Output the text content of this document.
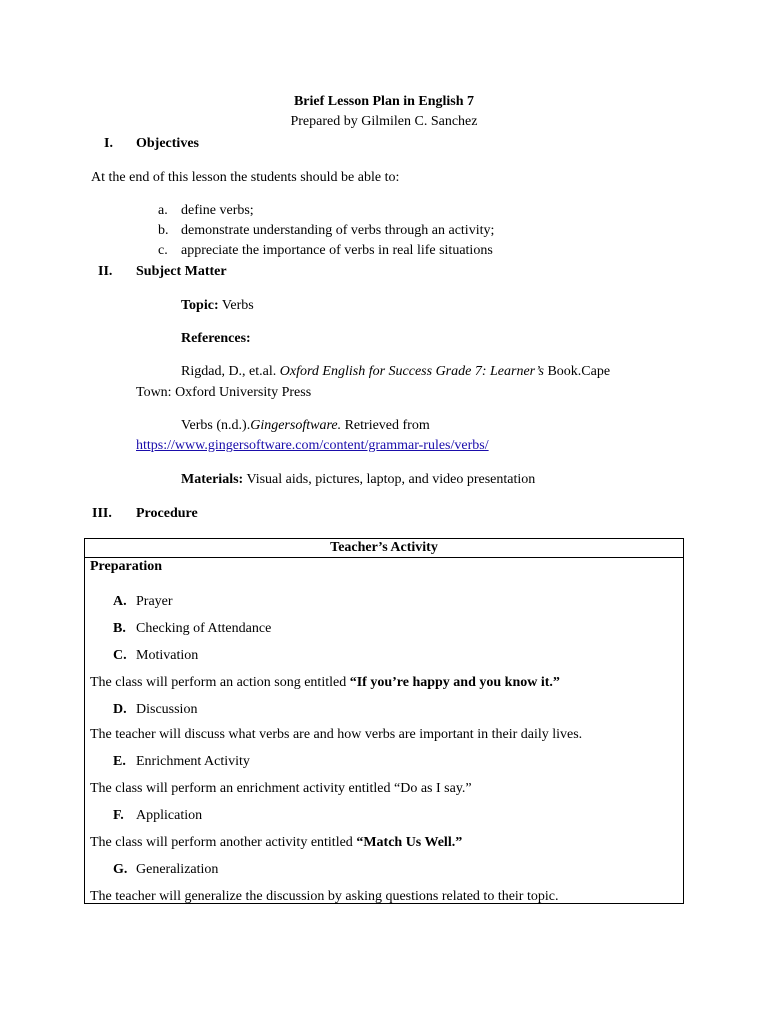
Brief Lesson Plan in English 7
Prepared by Gilmilen C. Sanchez
I. Objectives
At the end of this lesson the students should be able to:
a. define verbs;
b. demonstrate understanding of verbs through an activity;
c. appreciate the importance of verbs in real life situations
II. Subject Matter
Topic: Verbs
References:
Rigdad, D., et.al. Oxford English for Success Grade 7: Learner’s Book.Cape
Town: Oxford University Press
Verbs (n.d.).Gingersoftware. Retrieved from
https://www.gingersoftware.com/content/grammar-rules/verbs/
Materials: Visual aids, pictures, laptop, and video presentation
III. Procedure
Teacher’s Activity
Preparation
A. Prayer
B. Checking of Attendance
C. Motivation
The class will perform an action song entitled “If you’re happy and you know it.”
D. Discussion
The teacher will discuss what verbs are and how verbs are important in their daily lives.
E. Enrichment Activity
The class will perform an enrichment activity entitled “Do as I say.”
F. Application
The class will perform another activity entitled “Match Us Well.”
G. Generalization
The teacher will generalize the discussion by asking questions related to their topic.
